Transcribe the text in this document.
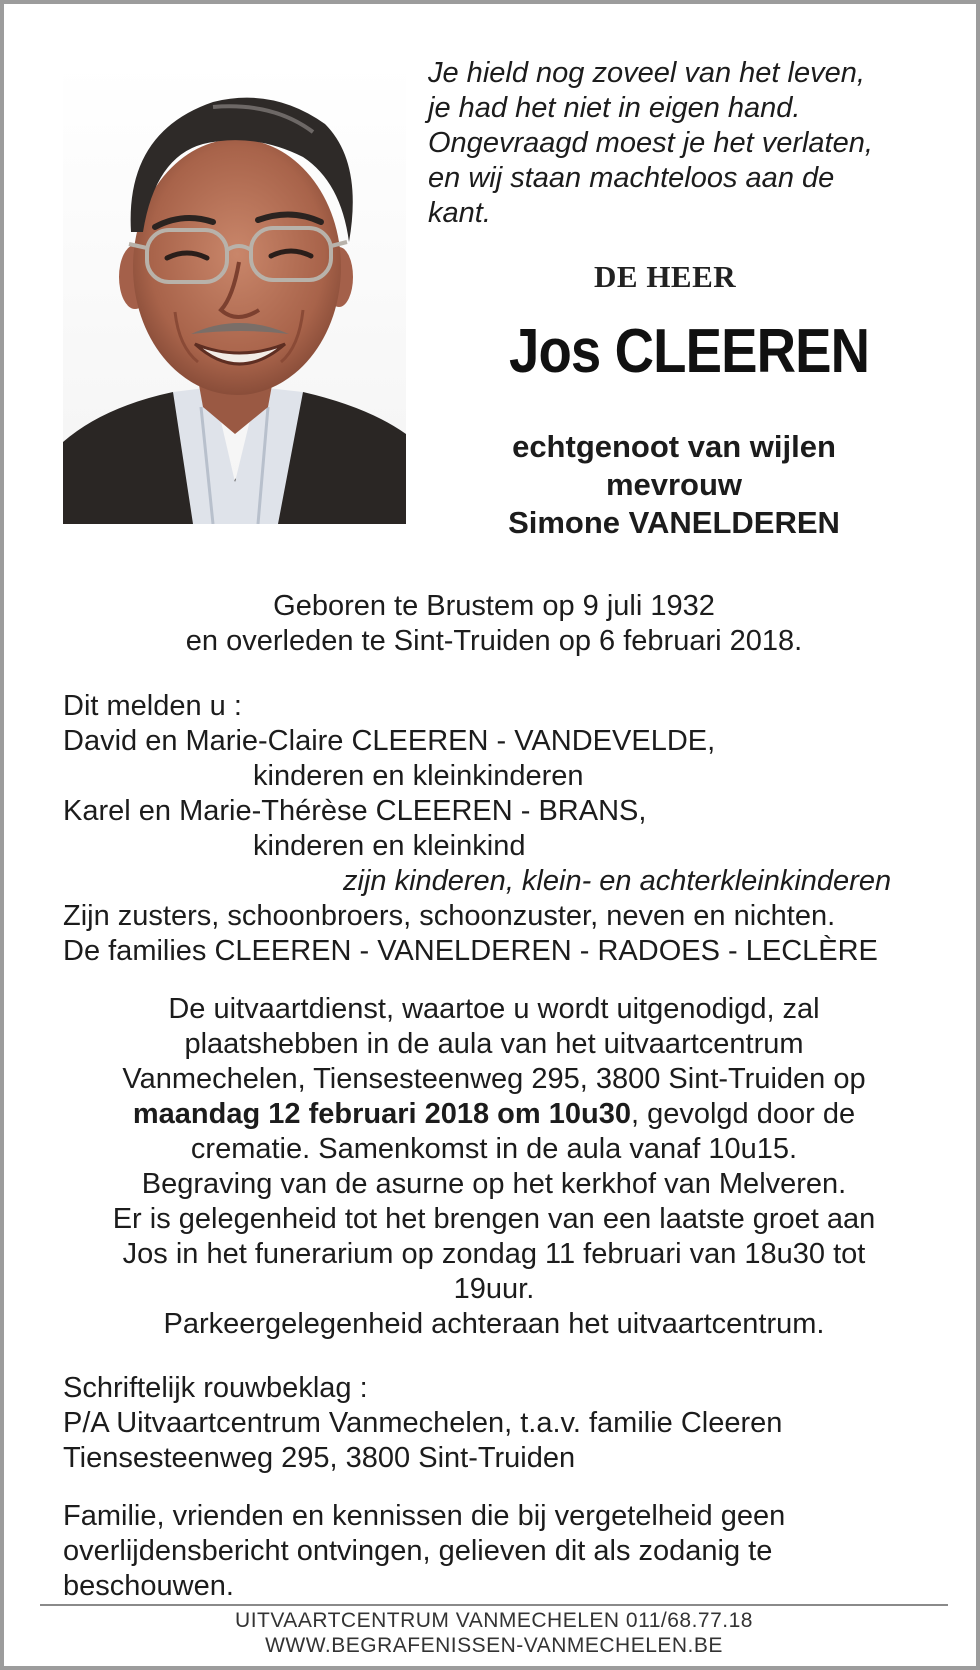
Je hield nog zoveel van het leven,
je had het niet in eigen hand.
Ongevraagd moest je het verlaten,
en wij staan machteloos aan de
kant.
DE HEER
Jos CLEEREN
echtgenoot van wijlen
mevrouw
Simone VANELDEREN
Geboren te Brustem op 9 juli 1932
en overleden te Sint-Truiden op 6 februari 2018.
Dit melden u :
David en Marie-Claire CLEEREN - VANDEVELDE,
kinderen en kleinkinderen
Karel en Marie-Thérèse CLEEREN - BRANS,
kinderen en kleinkind
zijn kinderen, klein- en achterkleinkinderen
Zijn zusters, schoonbroers, schoonzuster, neven en nichten.
De families CLEEREN - VANELDEREN - RADOES - LECLÈRE
De uitvaartdienst, waartoe u wordt uitgenodigd, zal
plaatshebben in de aula van het uitvaartcentrum
Vanmechelen, Tiensesteenweg 295, 3800 Sint-Truiden op
maandag 12 februari 2018 om 10u30, gevolgd door de
crematie. Samenkomst in de aula vanaf 10u15.
Begraving van de asurne op het kerkhof van Melveren.
Er is gelegenheid tot het brengen van een laatste groet aan
Jos in het funerarium op zondag 11 februari van 18u30 tot
19uur.
Parkeergelegenheid achteraan het uitvaartcentrum.
Schriftelijk rouwbeklag :
P/A Uitvaartcentrum Vanmechelen, t.a.v. familie Cleeren
Tiensesteenweg 295, 3800 Sint-Truiden
Familie, vrienden en kennissen die bij vergetelheid geen
overlijdensbericht ontvingen, gelieven dit als zodanig te
beschouwen.
UITVAARTCENTRUM VANMECHELEN 011/68.77.18
WWW.BEGRAFENISSEN-VANMECHELEN.BE
